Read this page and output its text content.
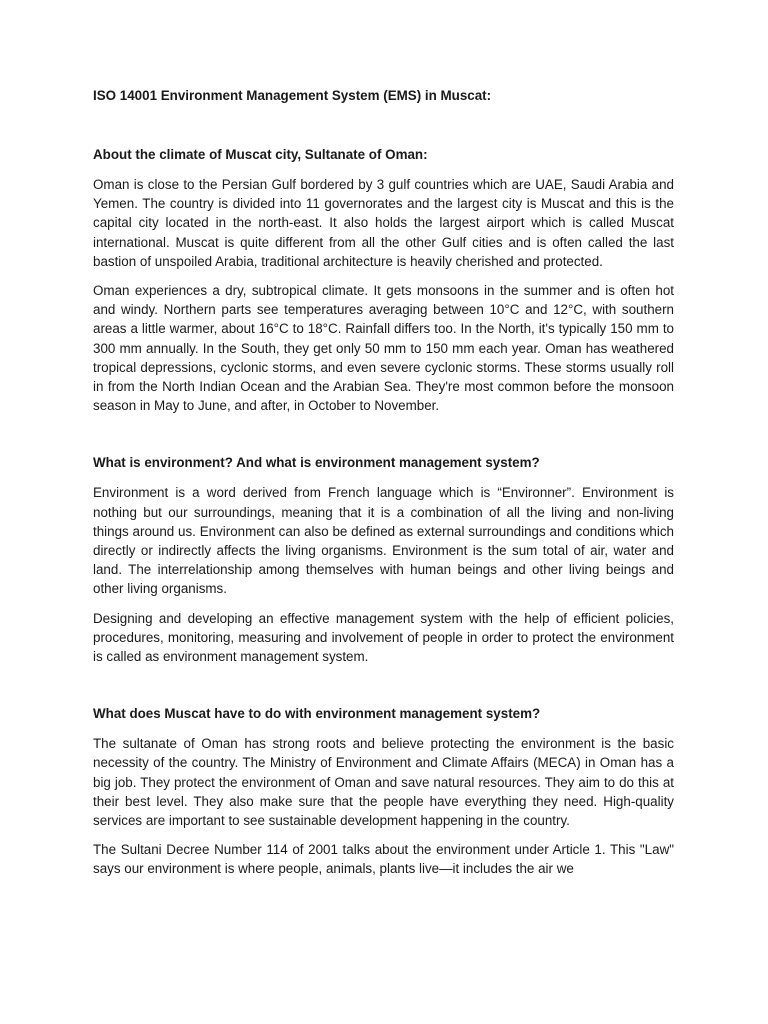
ISO 14001 Environment Management System (EMS) in Muscat:

About the climate of Muscat city, Sultanate of Oman:

Oman is close to the Persian Gulf bordered by 3 gulf countries which are UAE, Saudi Arabia and Yemen. The country is divided into 11 governorates and the largest city is Muscat and this is the capital city located in the north-east. It also holds the largest airport which is called Muscat international. Muscat is quite different from all the other Gulf cities and is often called the last bastion of unspoiled Arabia, traditional architecture is heavily cherished and protected.

Oman experiences a dry, subtropical climate. It gets monsoons in the summer and is often hot and windy. Northern parts see temperatures averaging between 10°C and 12°C, with southern areas a little warmer, about 16°C to 18°C. Rainfall differs too. In the North, it's typically 150 mm to 300 mm annually. In the South, they get only 50 mm to 150 mm each year. Oman has weathered tropical depressions, cyclonic storms, and even severe cyclonic storms. These storms usually roll in from the North Indian Ocean and the Arabian Sea. They're most common before the monsoon season in May to June, and after, in October to November.

What is environment? And what is environment management system?

Environment is a word derived from French language which is “Environner”. Environment is nothing but our surroundings, meaning that it is a combination of all the living and non-living things around us. Environment can also be defined as external surroundings and conditions which directly or indirectly affects the living organisms. Environment is the sum total of air, water and land. The interrelationship among themselves with human beings and other living beings and other living organisms.

Designing and developing an effective management system with the help of efficient policies, procedures, monitoring, measuring and involvement of people in order to protect the environment is called as environment management system.

What does Muscat have to do with environment management system?

The sultanate of Oman has strong roots and believe protecting the environment is the basic necessity of the country. The Ministry of Environment and Climate Affairs (MECA) in Oman has a big job. They protect the environment of Oman and save natural resources. They aim to do this at their best level. They also make sure that the people have everything they need. High-quality services are important to see sustainable development happening in the country.

The Sultani Decree Number 114 of 2001 talks about the environment under Article 1. This "Law" says our environment is where people, animals, plants live—it includes the air we
